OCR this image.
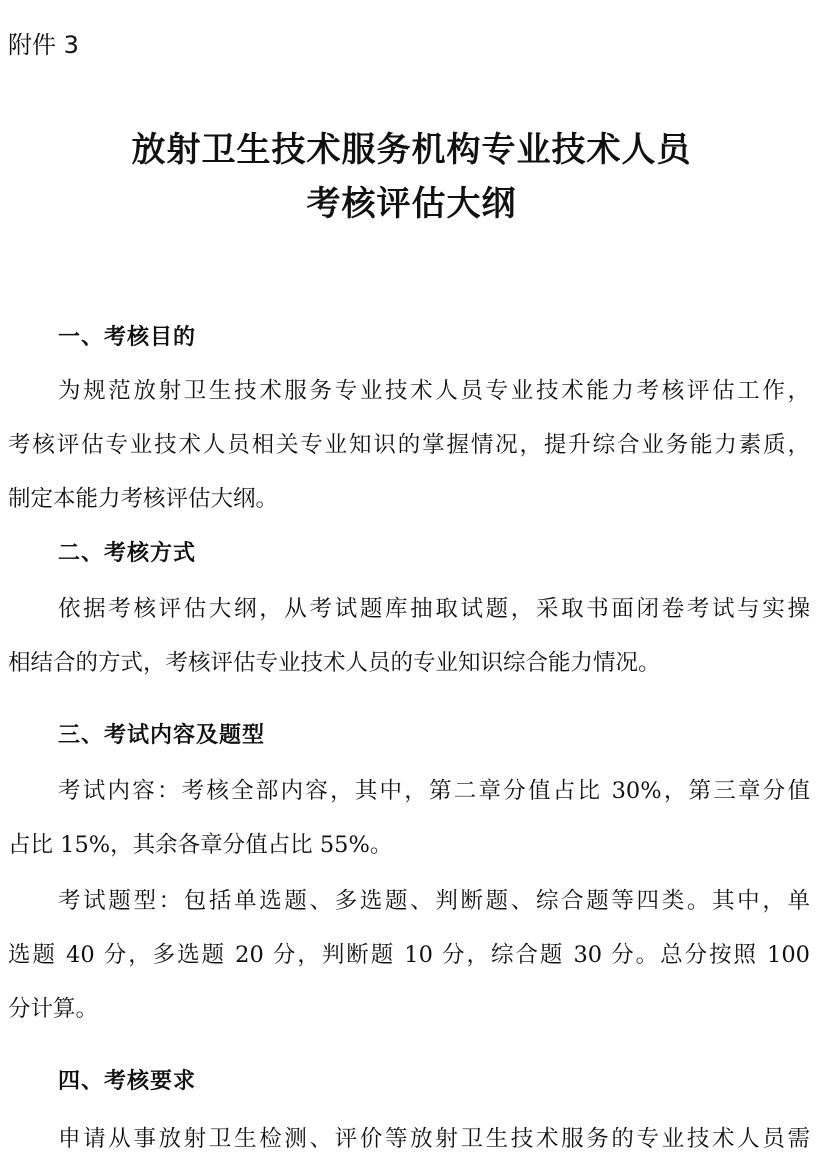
附件 3
放射卫生技术服务机构专业技术人员
考核评估大纲
一、考核目的
为规范放射卫生技术服务专业技术人员专业技术能力考核评估工作，
考核评估专业技术人员相关专业知识的掌握情况，提升综合业务能力素质，
制定本能力考核评估大纲。
二、考核方式
依据考核评估大纲，从考试题库抽取试题，采取书面闭卷考试与实操
相结合的方式，考核评估专业技术人员的专业知识综合能力情况。
三、考试内容及题型
考试内容：考核全部内容，其中，第二章分值占比 30%，第三章分值
占比 15%，其余各章分值占比 55%。
考试题型：包括单选题、多选题、判断题、综合题等四类。其中，单
选题 40 分，多选题 20 分，判断题 10 分，综合题 30 分。总分按照 100
分计算。
四、考核要求
申请从事放射卫生检测、评价等放射卫生技术服务的专业技术人员需
